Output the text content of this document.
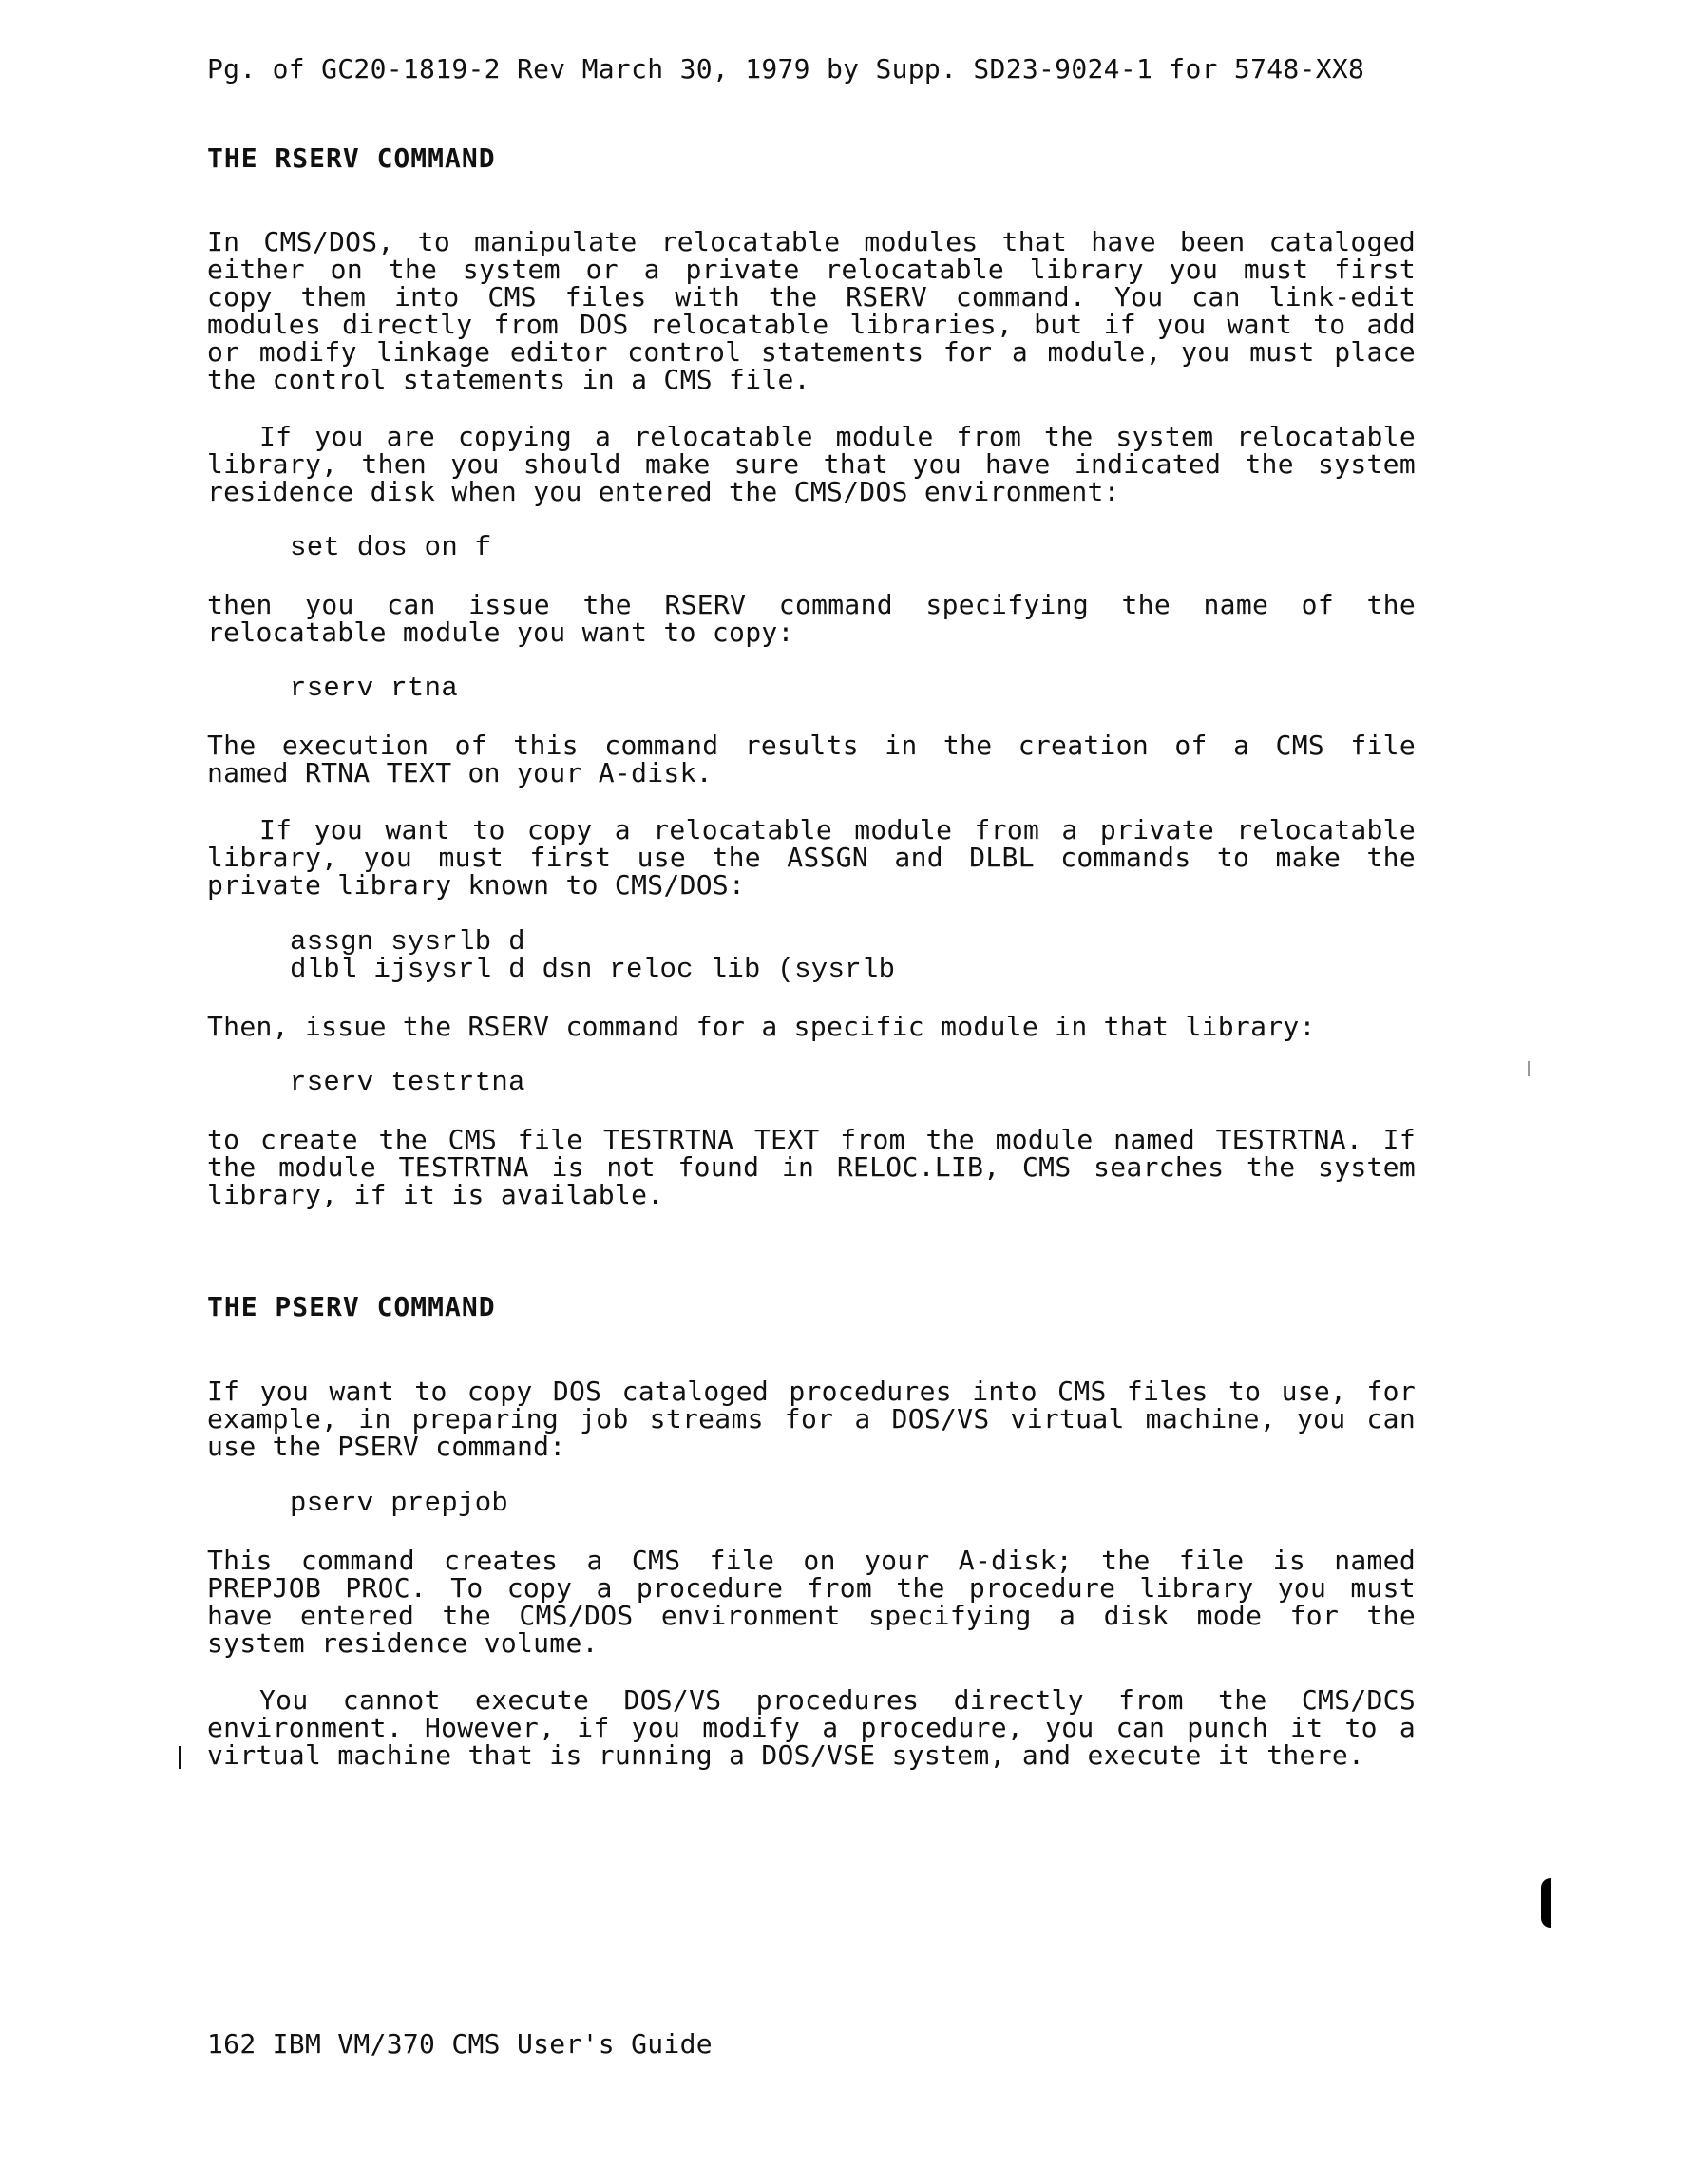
Pg. of GC20-1819-2 Rev March 30, 1979 by Supp. SD23-9024-1 for 5748-XX8
THE RSERV COMMAND
In CMS/DOS, to manipulate relocatable modules that have been cataloged
either on the system or a private relocatable library you must first
copy them into CMS files with the RSERV command. You can link-edit
modules directly from DOS relocatable libraries, but if you want to add
or modify linkage editor control statements for a module, you must place
the control statements in a CMS file.
If you are copying a relocatable module from the system relocatable
library, then you should make sure that you have indicated the system
residence disk when you entered the CMS/DOS environment:
set dos on f
then you can issue the RSERV command specifying the name of the
relocatable module you want to copy:
rserv rtna
The execution of this command results in the creation of a CMS file
named RTNA TEXT on your A-disk.
If you want to copy a relocatable module from a private relocatable
library, you must first use the ASSGN and DLBL commands to make the
private library known to CMS/DOS:
assgn sysrlb d
dlbl ijsysrl d dsn reloc lib (sysrlb
Then, issue the RSERV command for a specific module in that library:
rserv testrtna
to create the CMS file TESTRTNA TEXT from the module named TESTRTNA. If
the module TESTRTNA is not found in RELOC.LIB, CMS searches the system
library, if it is available.
THE PSERV COMMAND
If you want to copy DOS cataloged procedures into CMS files to use, for
example, in preparing job streams for a DOS/VS virtual machine, you can
use the PSERV command:
pserv prepjob
This command creates a CMS file on your A-disk; the file is named
PREPJOB PROC. To copy a procedure from the procedure library you must
have entered the CMS/DOS environment specifying a disk mode for the
system residence volume.
You cannot execute DOS/VS procedures directly from the CMS/DCS
environment. However, if you modify a procedure, you can punch it to a
virtual machine that is running a DOS/VSE system, and execute it there.
162 IBM VM/370 CMS User's Guide
